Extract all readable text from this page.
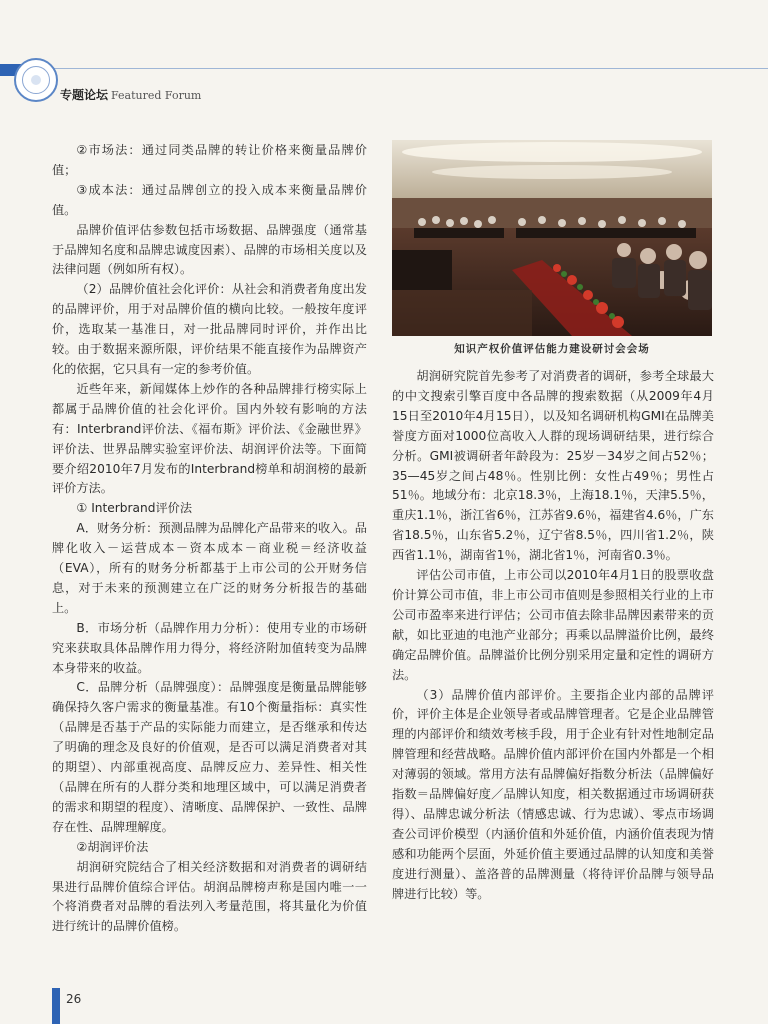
专题论坛 Featured Forum

②市场法：通过同类品牌的转让价格来衡量品牌价值；

③成本法：通过品牌创立的投入成本来衡量品牌价值。

品牌价值评估参数包括市场数据、品牌强度（通常基于品牌知名度和品牌忠诚度因素）、品牌的市场相关度以及法律问题（例如所有权）。

（2）品牌价值社会化评价：从社会和消费者角度出发的品牌评价，用于对品牌价值的横向比较。一般按年度评价，选取某一基准日，对一批品牌同时评价，并作出比较。由于数据来源所限，评价结果不能直接作为品牌资产化的依据，它只具有一定的参考价值。

近些年来，新闻媒体上炒作的各种品牌排行榜实际上都属于品牌价值的社会化评价。国内外较有影响的方法有：Interbrand评价法、《福布斯》评价法、《金融世界》评价法、世界品牌实验室评价法、胡润评价法等。下面简要介绍2010年7月发布的Interbrand榜单和胡润榜的最新评价方法。

① Interbrand评价法

A．财务分析：预测品牌为品牌化产品带来的收入。品牌化收入－运营成本－资本成本－商业税＝经济收益（EVA），所有的财务分析都基于上市公司的公开财务信息，对于未来的预测建立在广泛的财务分析报告的基础上。

B．市场分析（品牌作用力分析）：使用专业的市场研究来获取具体品牌作用力得分，将经济附加值转变为品牌本身带来的收益。

C．品牌分析（品牌强度）：品牌强度是衡量品牌能够确保持久客户需求的衡量基准。有10个衡量指标：真实性（品牌是否基于产品的实际能力而建立，是否继承和传达了明确的理念及良好的价值观，是否可以满足消费者对其的期望）、内部重视高度、品牌反应力、差异性、相关性（品牌在所有的人群分类和地理区域中，可以满足消费者的需求和期望的程度）、清晰度、品牌保护、一致性、品牌存在性、品牌理解度。

②胡润评价法

胡润研究院结合了相关经济数据和对消费者的调研结果进行品牌价值综合评估。胡润品牌榜声称是国内唯一一个将消费者对品牌的看法列入考量范围，将其量化为价值进行统计的品牌价值榜。

知识产权价值评估能力建设研讨会会场

胡润研究院首先参考了对消费者的调研，参考全球最大的中文搜索引擎百度中各品牌的搜索数据（从2009年4月15日至2010年4月15日），以及知名调研机构GMI在品牌美誉度方面对1000位高收入人群的现场调研结果，进行综合分析。GMI被调研者年龄段为：25岁－34岁之间占52％；35—45岁之间占48％。性别比例：女性占49％；男性占51％。地域分布：北京18.3％，上海18.1％，天津5.5％，重庆1.1％，浙江省6％，江苏省9.6％，福建省4.6％，广东省18.5％，山东省5.2％，辽宁省8.5％，四川省1.2％，陕西省1.1％，湖南省1％，湖北省1％，河南省0.3％。

评估公司市值，上市公司以2010年4月1日的股票收盘价计算公司市值，非上市公司市值则是参照相关行业的上市公司市盈率来进行评估；公司市值去除非品牌因素带来的贡献，如比亚迪的电池产业部分；再乘以品牌溢价比例，最终确定品牌价值。品牌溢价比例分别采用定量和定性的调研方法。

（3）品牌价值内部评价。主要指企业内部的品牌评价，评价主体是企业领导者或品牌管理者。它是企业品牌管理的内部评价和绩效考核手段，用于企业有针对性地制定品牌管理和经营战略。品牌价值内部评价在国内外都是一个相对薄弱的领域。常用方法有品牌偏好指数分析法（品牌偏好指数＝品牌偏好度／品牌认知度，相关数据通过市场调研获得）、品牌忠诚分析法（情感忠诚、行为忠诚）、零点市场调查公司评价模型（内涵价值和外延价值，内涵价值表现为情感和功能两个层面，外延价值主要通过品牌的认知度和美誉度进行测量）、盖洛普的品牌测量（将待评价品牌与领导品牌进行比较）等。

26
